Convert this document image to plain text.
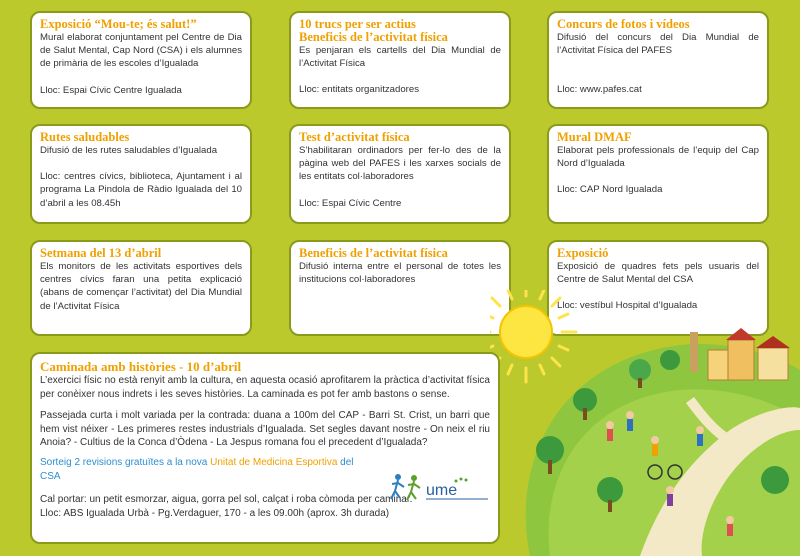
Exposició “Mou-te; és salut!”

Mural elaborat conjuntament pel Centre de Dia de Salut Mental, Cap Nord (CSA) i els alumnes de primària de les escoles d’Igualada

Lloc: Espai Cívic Centre Igualada

10 trucs per ser actius
Beneficis de l’activitat física

Es penjaran els cartells del Dia Mundial de l’Activitat Física

Lloc: entitats organitzadores

Concurs de fotos i vídeos

Difusió del concurs del Dia Mundial de l’Activitat Física del PAFES

Lloc: www.pafes.cat

Rutes saludables

Difusió de les rutes saludables d’Igualada

Lloc: centres cívics, biblioteca, Ajuntament i al programa La Pindola de Ràdio Igualada del 10 d’abril a les 08.45h

Test d’activitat física

S’habilitaran ordinadors per fer-lo des de la pàgina web del PAFES i les xarxes socials de les entitats col·laboradores

Lloc: Espai Cívic Centre

Mural DMAF

Elaborat pels professionals de l’equip del Cap Nord d’Igualada

Lloc: CAP Nord Igualada

Setmana del 13 d’abril

Els monitors de les activitats esportives dels centres cívics faran una petita explicació (abans de començar l’activitat) del Dia Mundial de l’Activitat Física

Beneficis de l’activitat física

Difusió interna entre el personal de totes les institucions col·laboradores

Exposició

Exposició de quadres fets pels usuaris del Centre de Salut Mental del CSA

Lloc: vestíbul Hospital d’Igualada

Caminada amb històries - 10 d’abril

L’exercici físic no està renyit amb la cultura, en aquesta ocasió aprofitarem la pràctica d’activitat física per conèixer nous indrets i les seves històries. La caminada es pot fer amb bastons o sense.

Passejada curta i molt variada per la contrada: duana a 100m del CAP - Barri St. Crist, un barri que hem vist néixer - Les primeres restes industrials d’Igualada. Set segles davant nostre - On neix el riu Anoia? - Cultius de la Conca d’Òdena - La Jespus romana fou el precedent d’Igualada?

Sorteig 2 revisions gratuïtes a la nova Unitat de Medicina Esportiva del CSA

Cal portar: un petit esmorzar, aigua, gorra pel sol, calçat i roba còmoda per caminar.

Lloc: ABS Igualada Urbà - Pg.Verdaguer, 170 - a les 09.00h (aprox. 3h durada)

ume
